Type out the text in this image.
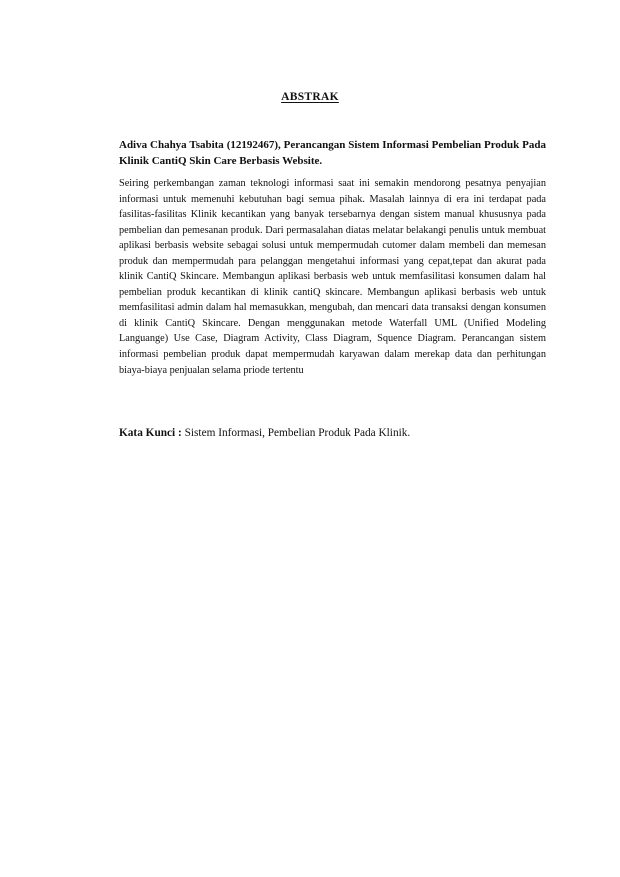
ABSTRAK
Adiva Chahya Tsabita (12192467), Perancangan Sistem Informasi Pembelian Produk Pada Klinik CantiQ Skin Care Berbasis Website.
Seiring perkembangan zaman teknologi informasi saat ini semakin mendorong pesatnya penyajian informasi untuk memenuhi kebutuhan bagi semua pihak. Masalah lainnya di era ini terdapat pada fasilitas-fasilitas Klinik kecantikan yang banyak tersebarnya dengan sistem manual khususnya pada pembelian dan pemesanan produk. Dari permasalahan diatas melatar belakangi penulis untuk membuat aplikasi berbasis website sebagai solusi untuk mempermudah cutomer dalam membeli dan memesan produk dan mempermudah para pelanggan mengetahui informasi yang cepat,tepat dan akurat pada klinik CantiQ Skincare. Membangun aplikasi berbasis web untuk memfasilitasi konsumen dalam hal pembelian produk kecantikan di klinik cantiQ skincare. Membangun aplikasi berbasis web untuk memfasilitasi admin dalam hal memasukkan, mengubah, dan mencari data transaksi dengan konsumen di klinik CantiQ Skincare. Dengan menggunakan metode Waterfall UML (Unified Modeling Languange) Use Case, Diagram Activity, Class Diagram, Squence Diagram. Perancangan sistem informasi pembelian produk dapat mempermudah karyawan dalam merekap data dan perhitungan biaya-biaya penjualan selama priode tertentu
Kata Kunci : Sistem Informasi, Pembelian Produk Pada Klinik.
